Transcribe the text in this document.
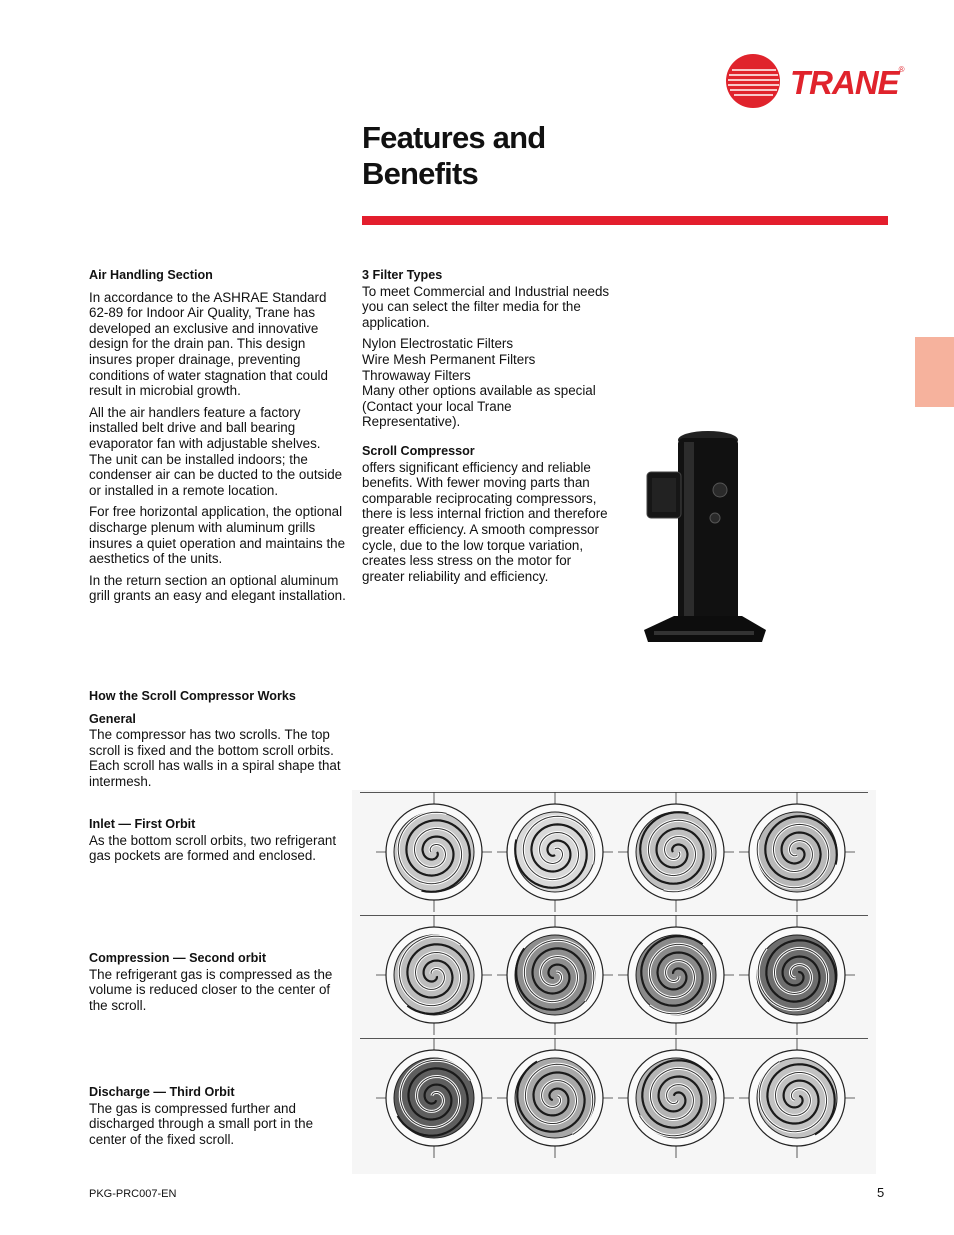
TRANE®
Features and
Benefits

Air Handling Section

In accordance to the ASHRAE Standard 62-89 for Indoor Air Quality, Trane has developed an exclusive and innovative design for the drain pan. This design insures proper drainage, preventing conditions of water stagnation that could result in microbial growth.

All the air handlers feature a factory installed belt drive and ball bearing evaporator fan with adjustable shelves. The unit can be installed indoors; the condenser air can be ducted to the outside or installed in a remote location.

For free horizontal application, the optional discharge plenum with aluminum grills insures a quiet operation and maintains the aesthetics of the units.

In the return section an optional aluminum grill grants an easy and elegant installation.

3 Filter Types

To meet Commercial and Industrial needs you can select the filter media for the application.

Nylon Electrostatic Filters
Wire Mesh Permanent Filters
Throwaway Filters
Many other options available as special (Contact your local Trane Representative).
Scroll Compressor
offers significant efficiency and reliable benefits. With fewer moving parts than comparable reciprocating compressors, there is less internal friction and therefore greater efficiency. A smooth compressor cycle, due to the low torque variation, creates less stress on the motor for greater reliability and efficiency.
How the Scroll Compressor Works
General
The compressor has two scrolls. The top scroll is fixed and the bottom scroll orbits. Each scroll has walls in a spiral shape that intermesh.
Inlet — First Orbit
As the bottom scroll orbits, two refrigerant gas pockets are formed and enclosed.
Compression — Second orbit
The refrigerant gas is compressed as the volume is reduced closer to the center of the scroll.
Discharge — Third Orbit
The gas is compressed further and discharged through a small port in the center of the fixed scroll.
PKG-PRC007-EN	5
